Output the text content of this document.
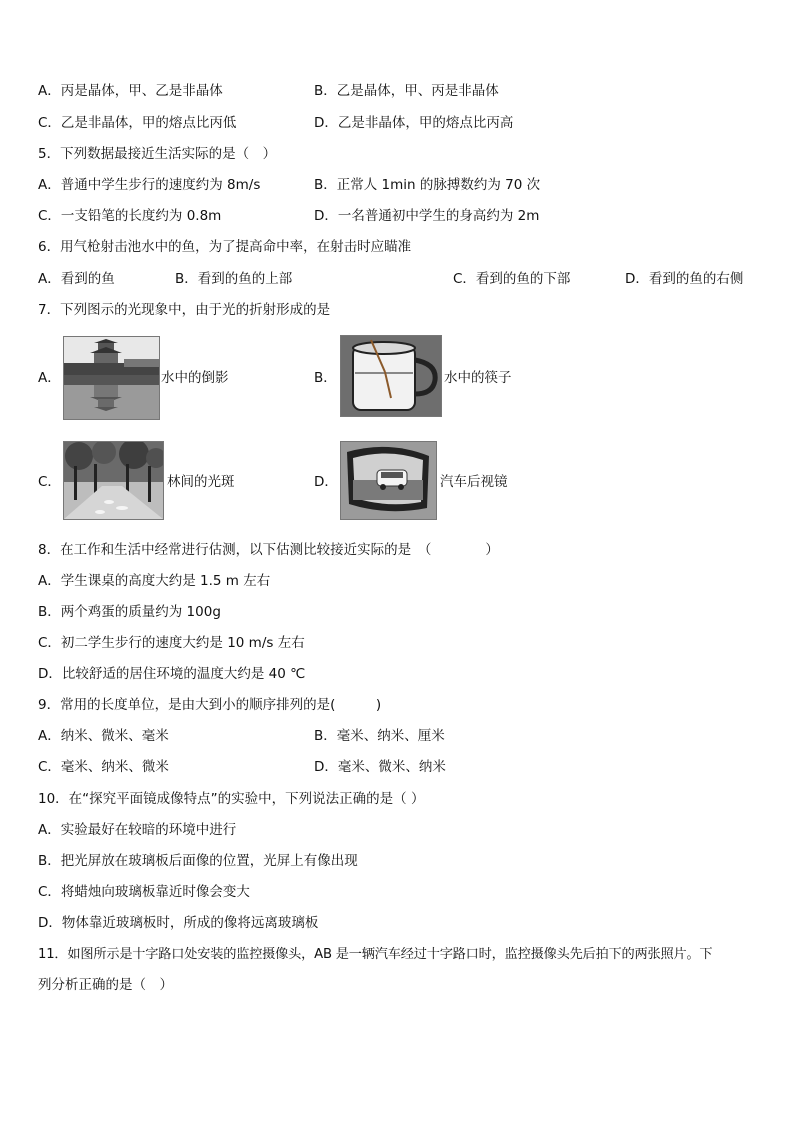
A．丙是晶体，甲、乙是非晶体	B．乙是晶体，甲、丙是非晶体
C．乙是非晶体，甲的熔点比丙低	D．乙是非晶体，甲的熔点比丙高
5．下列数据最接近生活实际的是（　）
A．普通中学生步行的速度约为 8m/s	B．正常人 1min 的脉搏数约为 70 次
C．一支铅笔的长度约为 0.8m	D．一名普通初中学生的身高约为 2m
6．用气枪射击池水中的鱼，为了提高命中率，在射击时应瞄准
A．看到的鱼	B．看到的鱼的上部	C．看到的鱼的下部	D．看到的鱼的右侧
7．下列图示的光现象中，由于光的折射形成的是
A．	水中的倒影	B．	水中的筷子
C．	林间的光斑	D．	汽车后视镜
8．在工作和生活中经常进行估测，以下估测比较接近实际的是　（　　　　）
A．学生课桌的高度大约是 1.5 m 左右
B．两个鸡蛋的质量约为 100g
C．初二学生步行的速度大约是 10 m/s 左右
D．比较舒适的居住环境的温度大约是 40 ℃
9．常用的长度单位，是由大到小的顺序排列的是(　　　)
A．纳米、微米、毫米	B．毫米、纳米、厘米
C．毫米、纳米、微米	D．毫米、微米、纳米
10．在“探究平面镜成像特点”的实验中，下列说法正确的是（ ）
A．实验最好在较暗的环境中进行
B．把光屏放在玻璃板后面像的位置，光屏上有像出现
C．将蜡烛向玻璃板靠近时像会变大
D．物体靠近玻璃板时，所成的像将远离玻璃板
11．如图所示是十字路口处安装的监控摄像头，AB 是一辆汽车经过十字路口时，监控摄像头先后拍下的两张照片。下
列分析正确的是（　）
